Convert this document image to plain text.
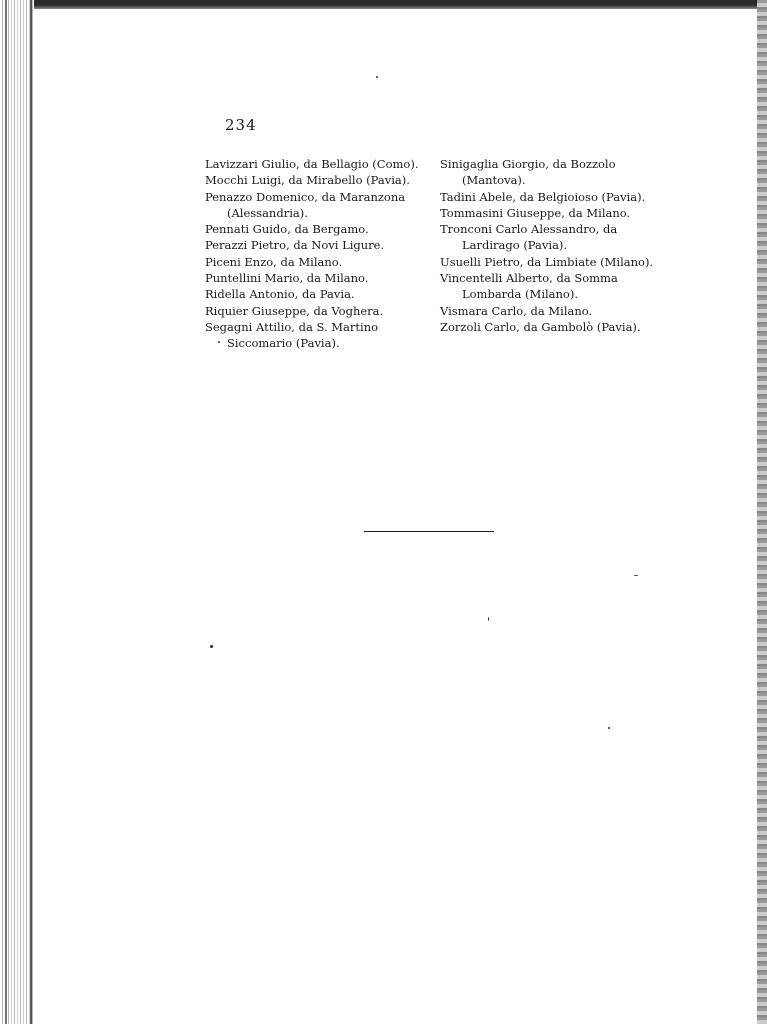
234

Lavizzari Giulio, da Bellagio (Como).

Mocchi Luigi, da Mirabello (Pavia).

Penazzo Domenico, da Maranzona (Alessandria).

Pennati Guido, da Bergamo.

Perazzi Pietro, da Novi Ligure.

Piceni Enzo, da Milano.

Puntellini Mario, da Milano.

Ridella Antonio, da Pavia.

Riquier Giuseppe, da Voghera.

Segagni Attilio, da S. Martino Siccomario (Pavia).

Sinigaglia Giorgio, da Bozzolo (Mantova).

Tadini Abele, da Belgioioso (Pavia).

Tommasini Giuseppe, da Milano.

Tronconi Carlo Alessandro, da Lardirago (Pavia).

Usuelli Pietro, da Limbiate (Milano).

Vincentelli Alberto, da Somma Lombarda (Milano).

Vismara Carlo, da Milano.

Zorzoli Carlo, da Gambolò (Pavia).
